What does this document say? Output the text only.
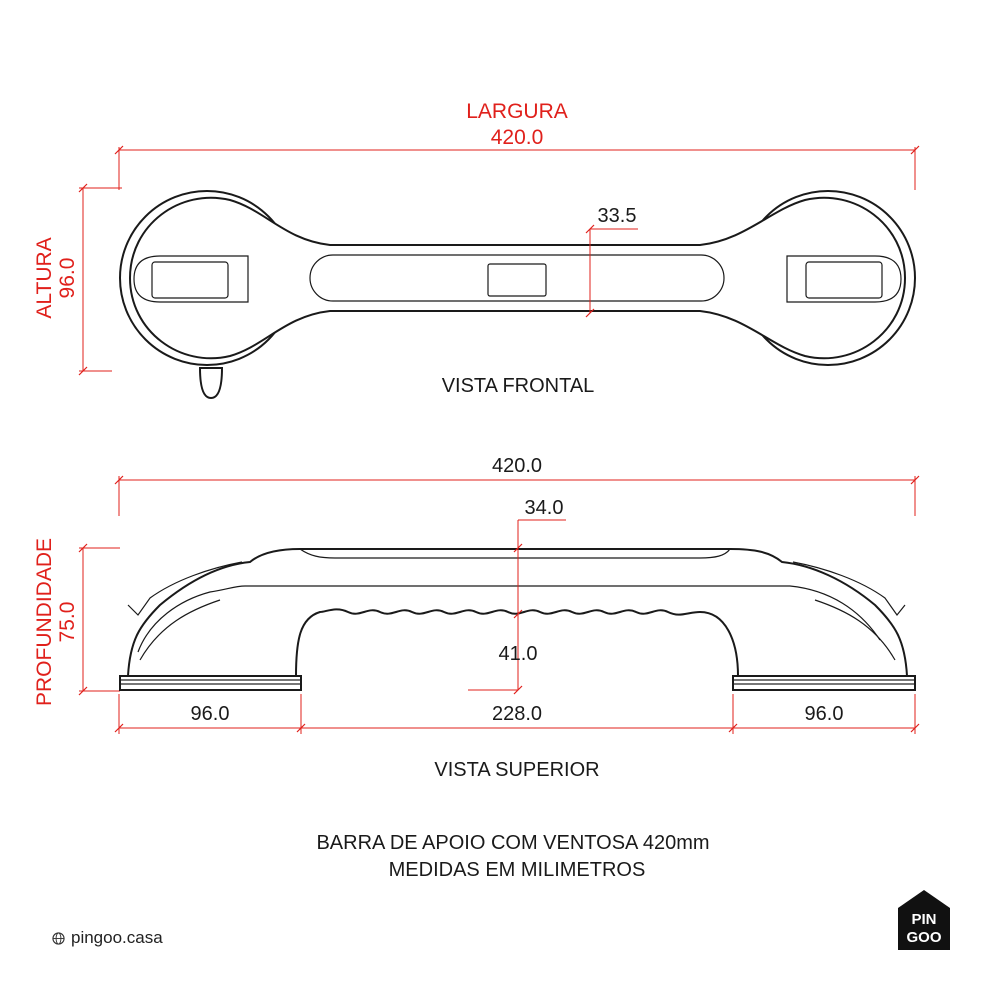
LARGURA
420.0
ALTURA 96.0
33.5
VISTA FRONTAL
420.0
PROFUNDIDADE 75.0
34.0
41.0
96.0	228.0	96.0
VISTA SUPERIOR
BARRA DE APOIO COM VENTOSA 420mm
MEDIDAS EM MILIMETROS
pingoo.casa
PIN
GOO
